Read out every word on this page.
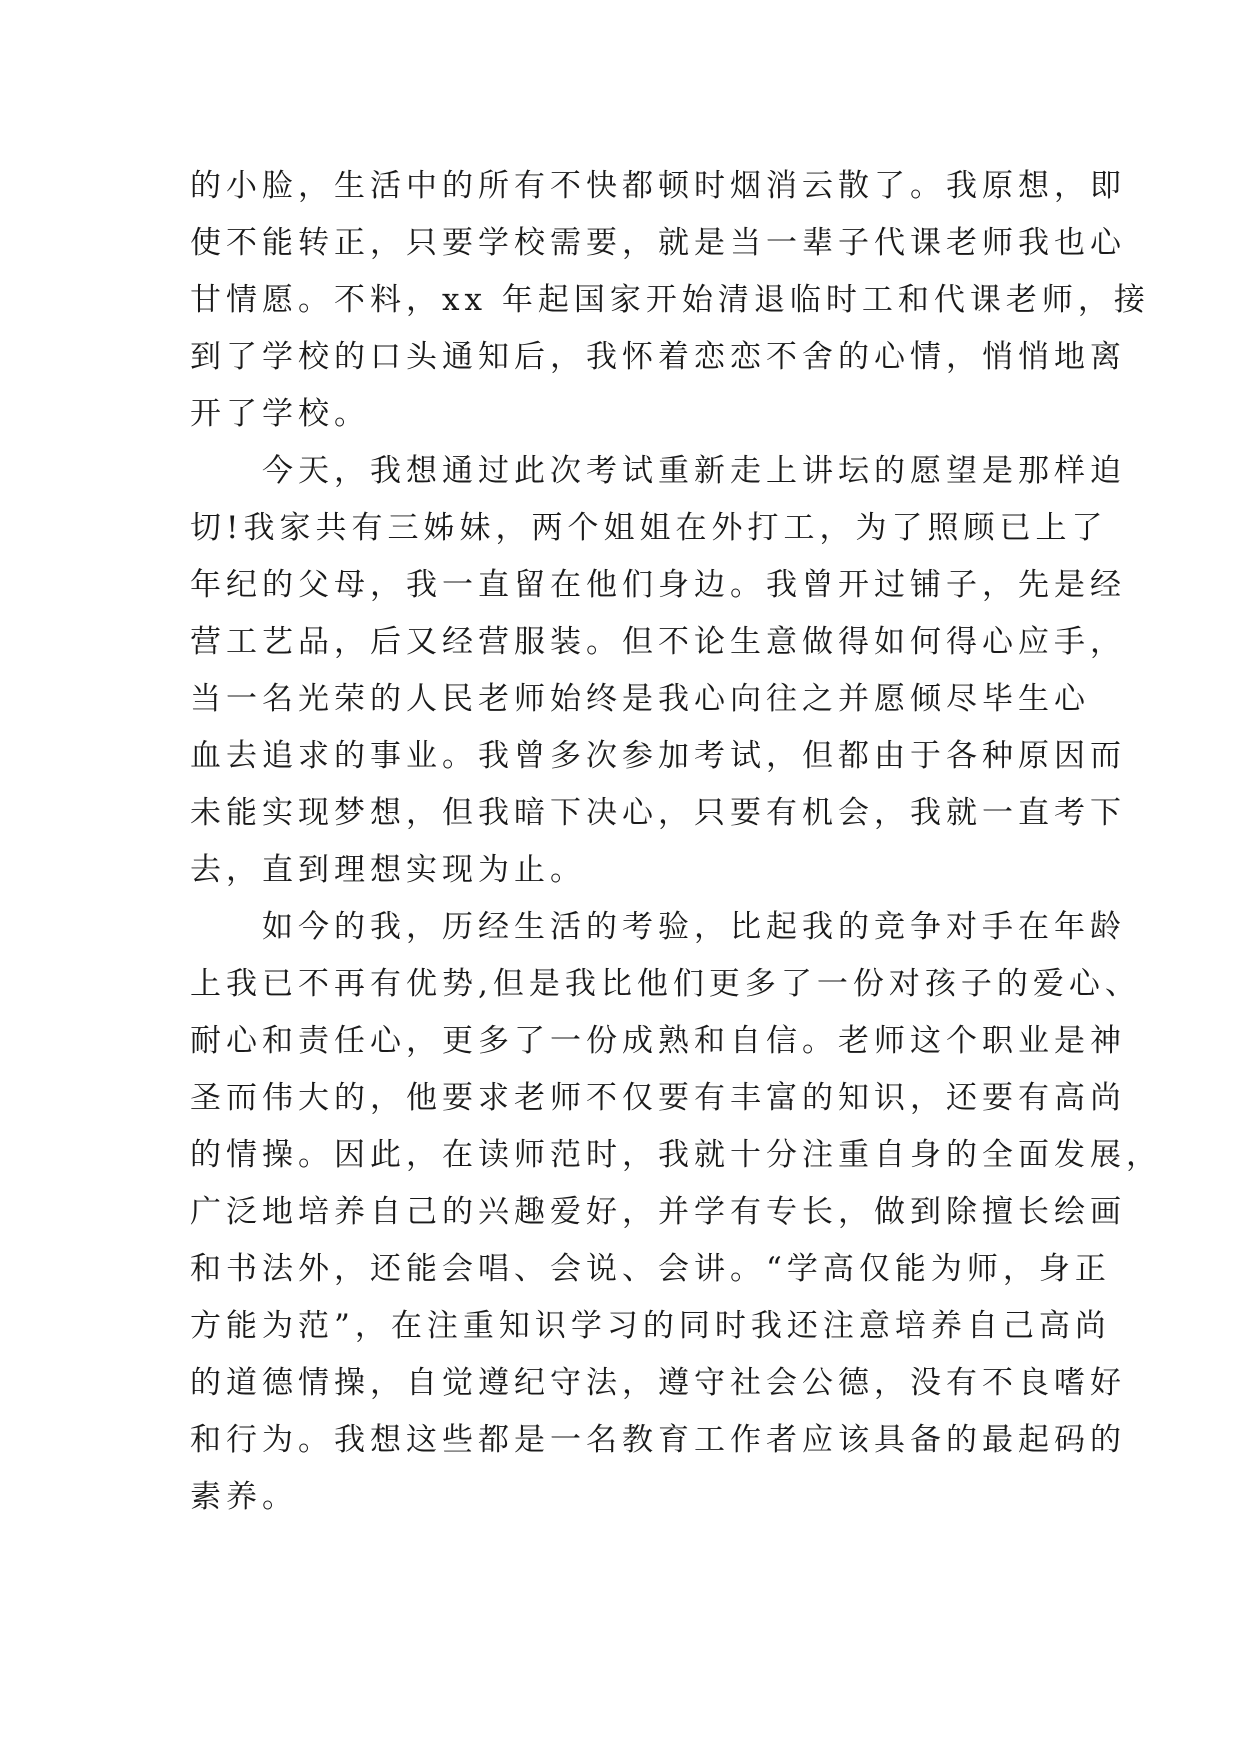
的小脸，生活中的所有不快都顿时烟消云散了。我原想，即
使不能转正，只要学校需要，就是当一辈子代课老师我也心
甘情愿。不料，xx 年起国家开始清退临时工和代课老师，接
到了学校的口头通知后，我怀着恋恋不舍的心情，悄悄地离
开了学校。
　　今天，我想通过此次考试重新走上讲坛的愿望是那样迫
切!我家共有三姊妹，两个姐姐在外打工，为了照顾已上了
年纪的父母，我一直留在他们身边。我曾开过铺子，先是经
营工艺品，后又经营服装。但不论生意做得如何得心应手，
当一名光荣的人民老师始终是我心向往之并愿倾尽毕生心
血去追求的事业。我曾多次参加考试，但都由于各种原因而
未能实现梦想，但我暗下决心，只要有机会，我就一直考下
去，直到理想实现为止。
　　如今的我，历经生活的考验，比起我的竞争对手在年龄
上我已不再有优势,但是我比他们更多了一份对孩子的爱心、
耐心和责任心，更多了一份成熟和自信。老师这个职业是神
圣而伟大的，他要求老师不仅要有丰富的知识，还要有高尚
的情操。因此，在读师范时，我就十分注重自身的全面发展，
广泛地培养自己的兴趣爱好，并学有专长，做到除擅长绘画
和书法外，还能会唱、会说、会讲。“学高仅能为师，身正
方能为范”，在注重知识学习的同时我还注意培养自己高尚
的道德情操，自觉遵纪守法，遵守社会公德，没有不良嗜好
和行为。我想这些都是一名教育工作者应该具备的最起码的
素养。
